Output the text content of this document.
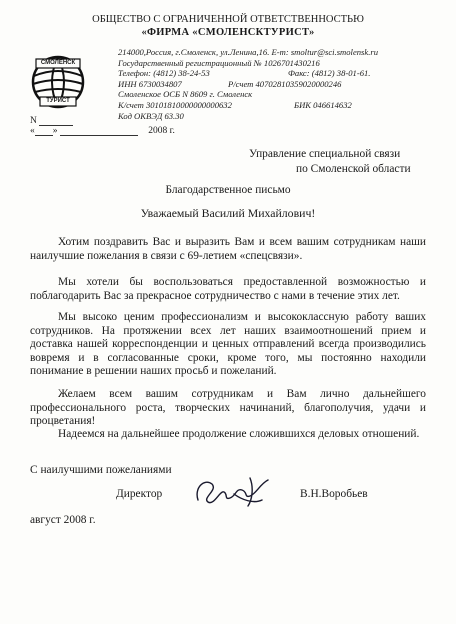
ОБЩЕСТВО С ОГРАНИЧЕННОЙ ОТВЕТСТВЕННОСТЬЮ
«ФИРМА «СМОЛЕНСКТУРИСТ»
СМОЛЕНСК
ТУРИСТ
214000,Россия, г.Смоленск, ул.Ленина,16. E-m: smoltur@sci.smolensk.ru
Государственный регистрационный № 1026701430216
Телефон: (4812) 38-24-53	Факс: (4812) 38-01-61.
ИНН 6730034807	Р/счет 40702810359020000246
Смоленское ОСБ N 8609 г. Смоленск
К/счет 30101810000000000632	БИК 046614632
Код ОКВЭД 63.30
N
« »	2008 г.
Управление специальной связи
по Смоленской области
Благодарственное письмо
Уважаемый Василий Михайлович!
Хотим поздравить Вас и выразить Вам и всем вашим сотрудникам наши наилучшие пожелания в связи с 69-летием «спецсвязи».
Мы хотели бы воспользоваться предоставленной возможностью и поблагодарить Вас за прекрасное сотрудничество с нами в течение этих лет.
Мы высоко ценим профессионализм и высококлассную работу ваших сотрудников. На протяжении всех лет наших взаимоотношений прием и доставка нашей корреспонденции и ценных отправлений всегда производились вовремя и в согласованные сроки, кроме того, мы постоянно находили понимание в решении наших просьб и пожеланий.
Желаем всем вашим сотрудникам и Вам лично дальнейшего профессионального роста, творческих начинаний, благополучия, удачи и процветания!
Надеемся на дальнейшее продолжение сложившихся деловых отношений.
С наилучшими пожеланиями
Директор	В.Н.Воробьев
август 2008 г.
